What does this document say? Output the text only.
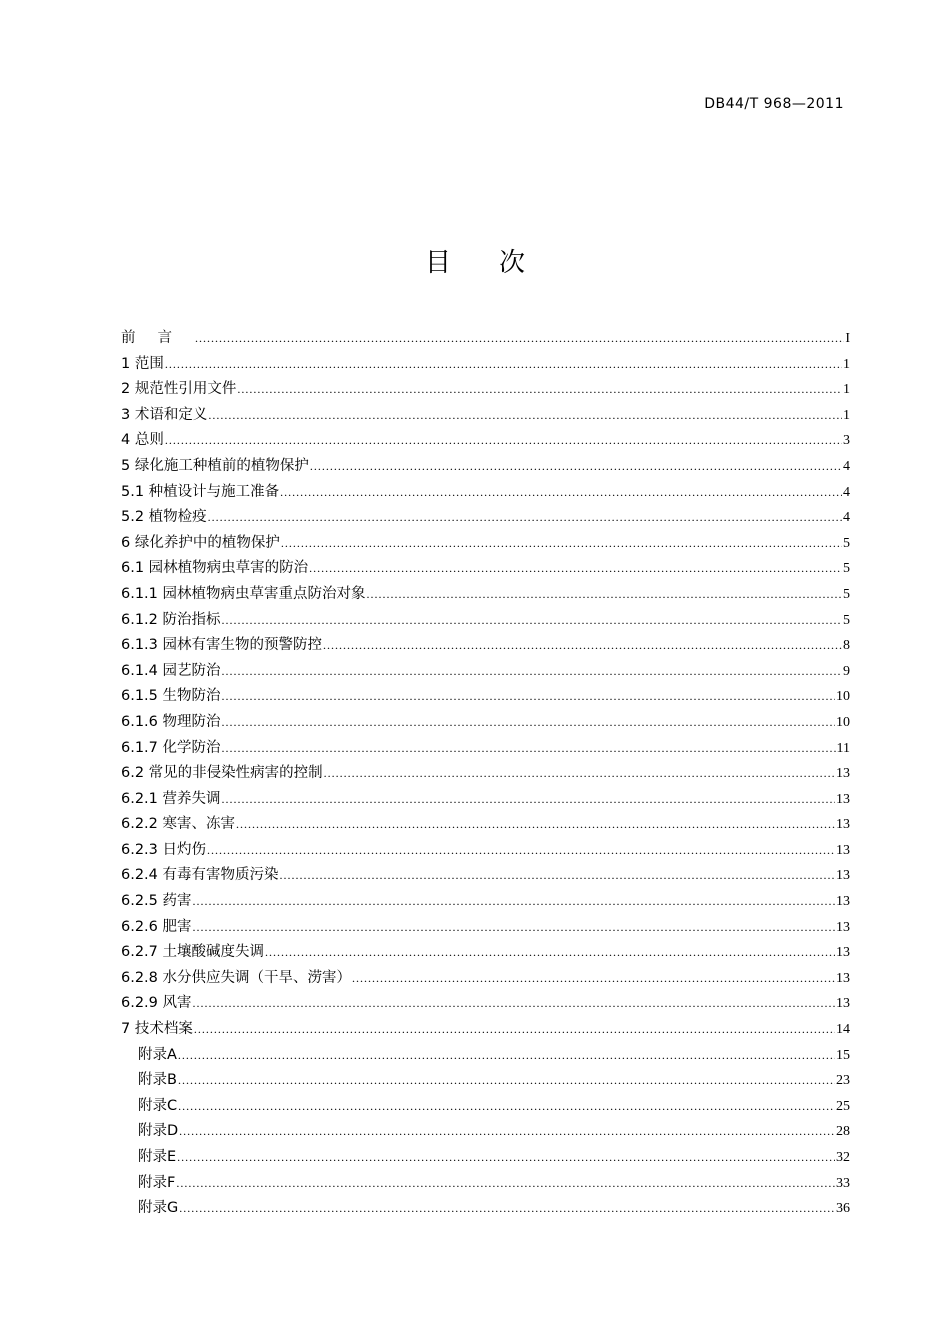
DB44/T 968—2011
目 次
前言 .....	I
1 范围 .....	1
2 规范性引用文件 .....	1
3 术语和定义 .....	1
4 总则 .....	3
5 绿化施工种植前的植物保护 .....	4
5.1 种植设计与施工准备 .....	4
5.2 植物检疫 .....	4
6 绿化养护中的植物保护 .....	5
6.1 园林植物病虫草害的防治 .....	5
6.1.1 园林植物病虫草害重点防治对象 .....	5
6.1.2 防治指标 .....	5
6.1.3 园林有害生物的预警防控 .....	8
6.1.4 园艺防治 .....	9
6.1.5 生物防治 .....	10
6.1.6 物理防治 .....	10
6.1.7 化学防治 .....	11
6.2 常见的非侵染性病害的控制 .....	13
6.2.1 营养失调 .....	13
6.2.2 寒害、冻害 .....	13
6.2.3 日灼伤 .....	13
6.2.4 有毒有害物质污染 .....	13
6.2.5 药害 .....	13
6.2.6 肥害 .....	13
6.2.7 土壤酸碱度失调 .....	13
6.2.8 水分供应失调（干旱、涝害） .....	13
6.2.9 风害 .....	13
7 技术档案 .....	14
附录A .....	15
附录B .....	23
附录C .....	25
附录D .....	28
附录E .....	32
附录F .....	33
附录G .....	36
